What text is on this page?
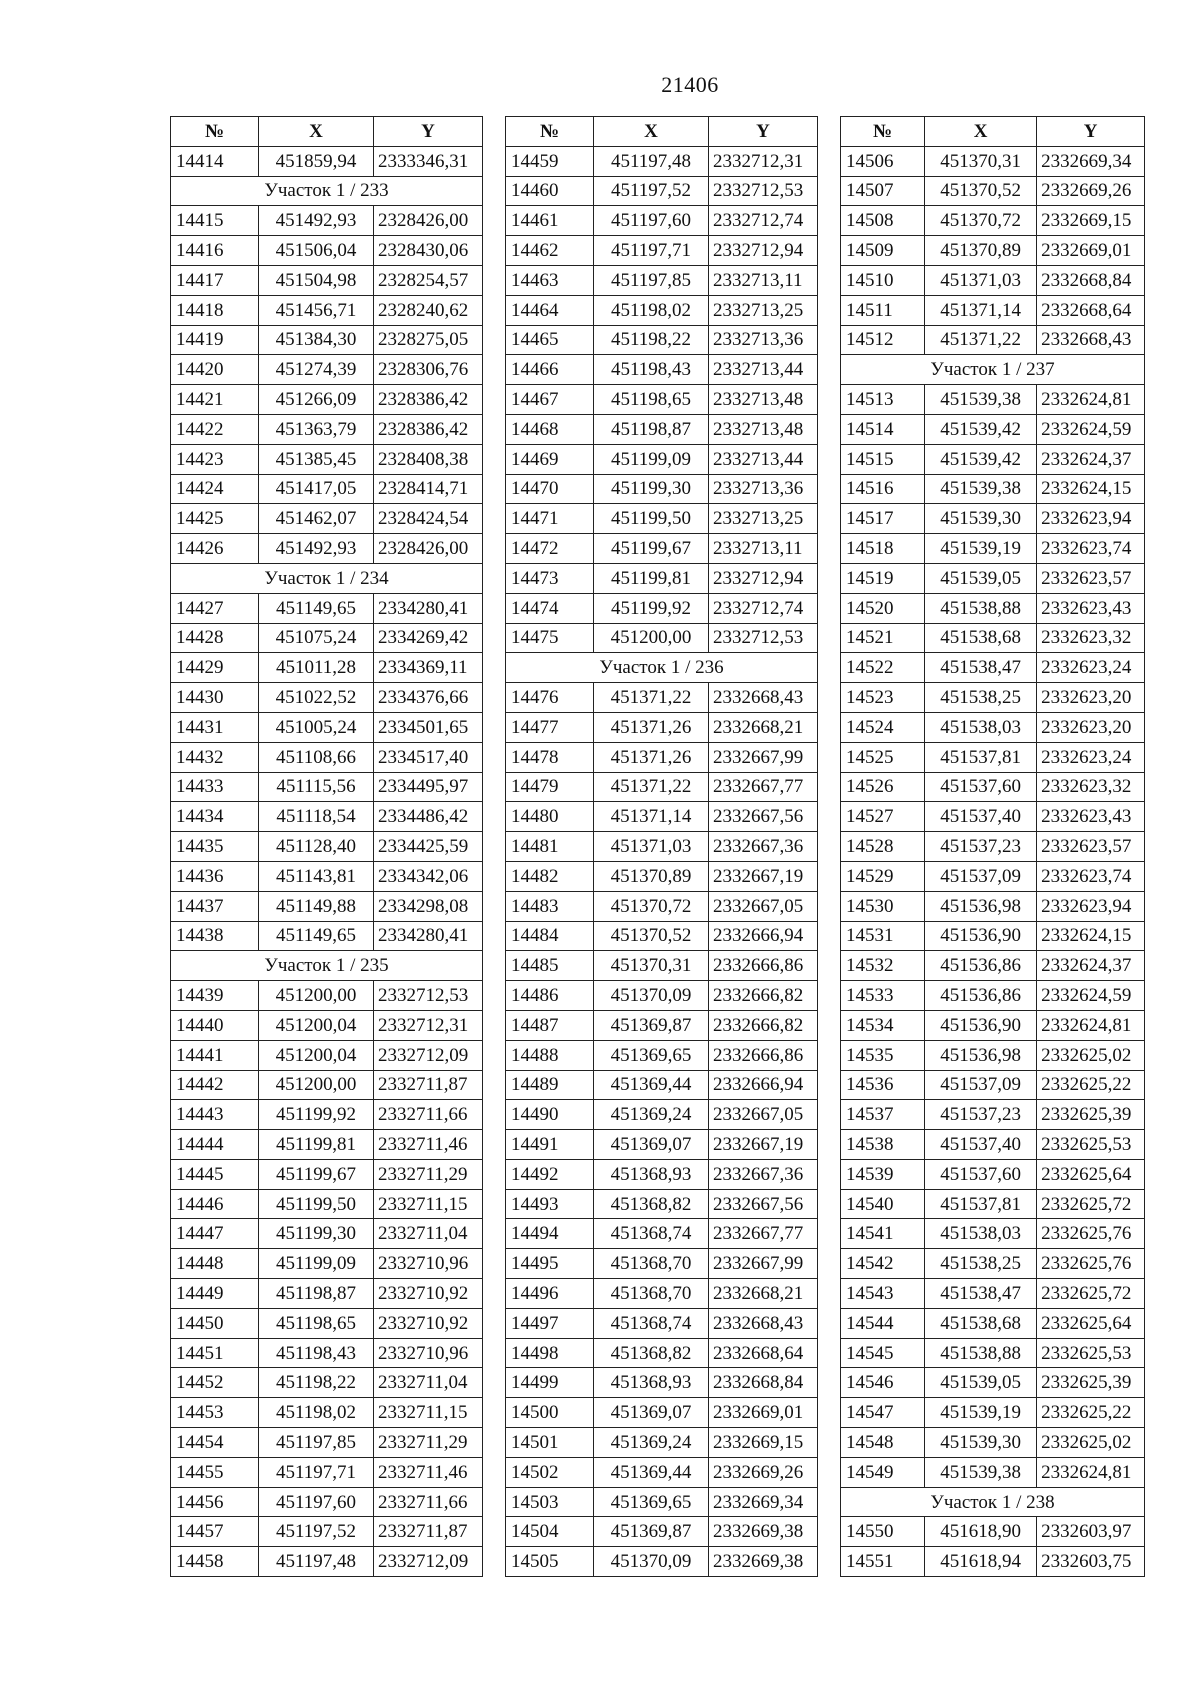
21406
№	X	Y
14414	451859,94	2333346,31
Участок 1 / 233		
14415	451492,93	2328426,00
14416	451506,04	2328430,06
14417	451504,98	2328254,57
14418	451456,71	2328240,62
14419	451384,30	2328275,05
14420	451274,39	2328306,76
14421	451266,09	2328386,42
14422	451363,79	2328386,42
14423	451385,45	2328408,38
14424	451417,05	2328414,71
14425	451462,07	2328424,54
14426	451492,93	2328426,00
Участок 1 / 234		
14427	451149,65	2334280,41
14428	451075,24	2334269,42
14429	451011,28	2334369,11
14430	451022,52	2334376,66
14431	451005,24	2334501,65
14432	451108,66	2334517,40
14433	451115,56	2334495,97
14434	451118,54	2334486,42
14435	451128,40	2334425,59
14436	451143,81	2334342,06
14437	451149,88	2334298,08
14438	451149,65	2334280,41
Участок 1 / 235		
14439	451200,00	2332712,53
14440	451200,04	2332712,31
14441	451200,04	2332712,09
14442	451200,00	2332711,87
14443	451199,92	2332711,66
14444	451199,81	2332711,46
14445	451199,67	2332711,29
14446	451199,50	2332711,15
14447	451199,30	2332711,04
14448	451199,09	2332710,96
14449	451198,87	2332710,92
14450	451198,65	2332710,92
14451	451198,43	2332710,96
14452	451198,22	2332711,04
14453	451198,02	2332711,15
14454	451197,85	2332711,29
14455	451197,71	2332711,46
14456	451197,60	2332711,66
14457	451197,52	2332711,87
14458	451197,48	2332712,09
№	X	Y
14459	451197,48	2332712,31
14460	451197,52	2332712,53
14461	451197,60	2332712,74
14462	451197,71	2332712,94
14463	451197,85	2332713,11
14464	451198,02	2332713,25
14465	451198,22	2332713,36
14466	451198,43	2332713,44
14467	451198,65	2332713,48
14468	451198,87	2332713,48
14469	451199,09	2332713,44
14470	451199,30	2332713,36
14471	451199,50	2332713,25
14472	451199,67	2332713,11
14473	451199,81	2332712,94
14474	451199,92	2332712,74
14475	451200,00	2332712,53
Участок 1 / 236		
14476	451371,22	2332668,43
14477	451371,26	2332668,21
14478	451371,26	2332667,99
14479	451371,22	2332667,77
14480	451371,14	2332667,56
14481	451371,03	2332667,36
14482	451370,89	2332667,19
14483	451370,72	2332667,05
14484	451370,52	2332666,94
14485	451370,31	2332666,86
14486	451370,09	2332666,82
14487	451369,87	2332666,82
14488	451369,65	2332666,86
14489	451369,44	2332666,94
14490	451369,24	2332667,05
14491	451369,07	2332667,19
14492	451368,93	2332667,36
14493	451368,82	2332667,56
14494	451368,74	2332667,77
14495	451368,70	2332667,99
14496	451368,70	2332668,21
14497	451368,74	2332668,43
14498	451368,82	2332668,64
14499	451368,93	2332668,84
14500	451369,07	2332669,01
14501	451369,24	2332669,15
14502	451369,44	2332669,26
14503	451369,65	2332669,34
14504	451369,87	2332669,38
14505	451370,09	2332669,38
№	X	Y
14506	451370,31	2332669,34
14507	451370,52	2332669,26
14508	451370,72	2332669,15
14509	451370,89	2332669,01
14510	451371,03	2332668,84
14511	451371,14	2332668,64
14512	451371,22	2332668,43
Участок 1 / 237		
14513	451539,38	2332624,81
14514	451539,42	2332624,59
14515	451539,42	2332624,37
14516	451539,38	2332624,15
14517	451539,30	2332623,94
14518	451539,19	2332623,74
14519	451539,05	2332623,57
14520	451538,88	2332623,43
14521	451538,68	2332623,32
14522	451538,47	2332623,24
14523	451538,25	2332623,20
14524	451538,03	2332623,20
14525	451537,81	2332623,24
14526	451537,60	2332623,32
14527	451537,40	2332623,43
14528	451537,23	2332623,57
14529	451537,09	2332623,74
14530	451536,98	2332623,94
14531	451536,90	2332624,15
14532	451536,86	2332624,37
14533	451536,86	2332624,59
14534	451536,90	2332624,81
14535	451536,98	2332625,02
14536	451537,09	2332625,22
14537	451537,23	2332625,39
14538	451537,40	2332625,53
14539	451537,60	2332625,64
14540	451537,81	2332625,72
14541	451538,03	2332625,76
14542	451538,25	2332625,76
14543	451538,47	2332625,72
14544	451538,68	2332625,64
14545	451538,88	2332625,53
14546	451539,05	2332625,39
14547	451539,19	2332625,22
14548	451539,30	2332625,02
14549	451539,38	2332624,81
Участок 1 / 238		
14550	451618,90	2332603,97
14551	451618,94	2332603,75
